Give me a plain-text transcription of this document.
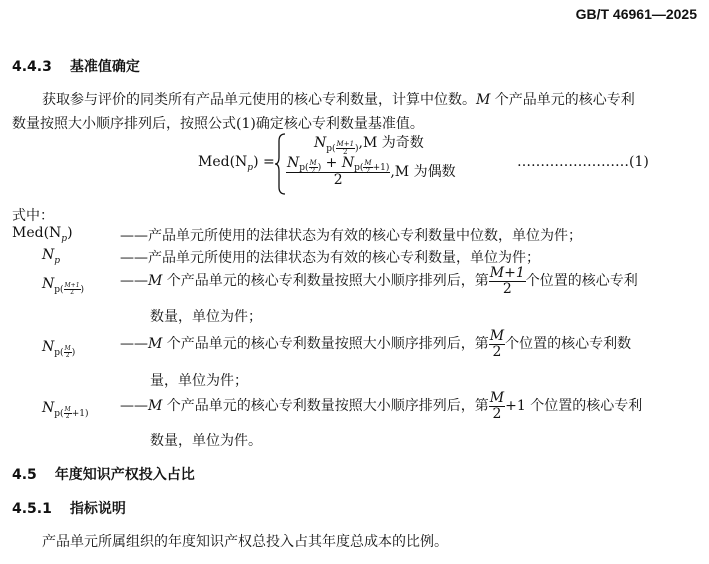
GB/T 46961—2025
4.4.3 基准值确定
获取参与评价的同类所有产品单元使用的核心专利数量，计算中位数。M 个产品单元的核心专利
数量按照大小顺序排列后，按照公式(1)确定核心专利数量基准值。
$Med(N_p)$ =
$N_{p( \frac{M+1}{2} )},M$ 为奇数
$N_{p( \frac{M}{2} )} + N_{p( \frac{M}{2} +1)}$
2 ,M 为偶数
……………………(1)
式中：
$Med(N_p)$	——产品单元所使用的法律状态为有效的核心专利数量中位数，单位为件；
$N_p$	——产品单元所使用的法律状态为有效的核心专利数量，单位为件；
$N_{p( \frac{M+1}{2} )}$
——M 个产品单元的核心专利数量按照大小顺序排列后，第 $\frac{M+1}{2}$ 个位置的核心专利
数量，单位为件；
$N_{p( \frac{M}{2} )}$
——M 个产品单元的核心专利数量按照大小顺序排列后，第 $\frac{M}{2}$ 个位置的核心专利数
量，单位为件；
$N_{p( \frac{M}{2} +1)}$ ——M 个产品单元的核心专利数量按照大小顺序排列后，第 $\frac{M}{2} +1$ 个位置的核心专利
数量，单位为件。
4.5 年度知识产权投入占比
4.5.1 指标说明
产品单元所属组织的年度知识产权总投入占其年度总成本的比例。
